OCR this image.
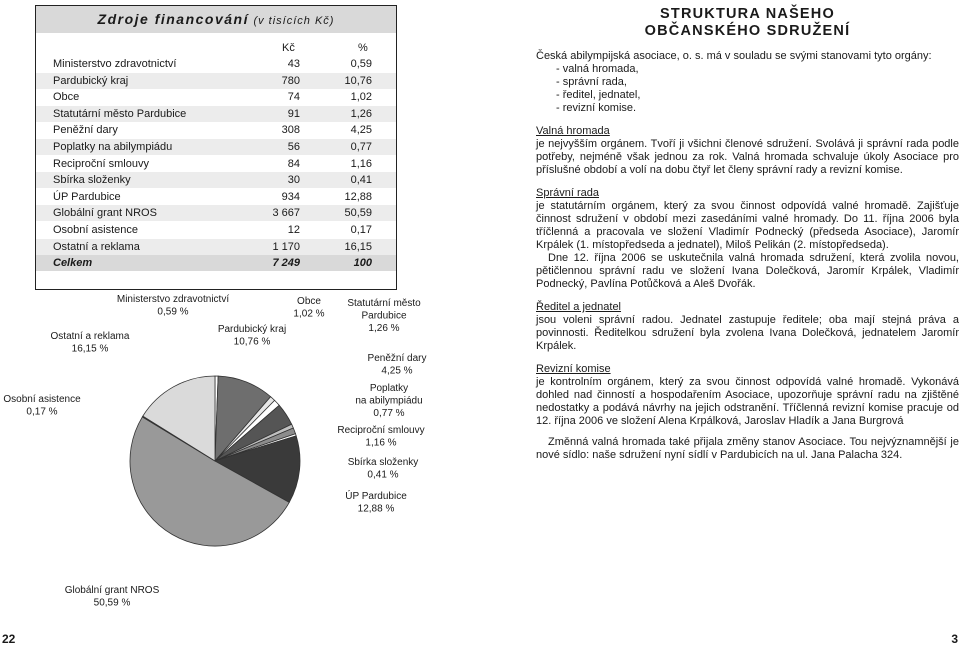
Zdroje financování (v tisících Kč)
Kč	%
Ministerstvo zdravotnictví	43	0,59
Pardubický kraj	780	10,76
Obce	74	1,02
Statutární město Pardubice	91	1,26
Peněžní dary	308	4,25
Poplatky na abilympiádu	56	0,77
Reciproční smlouvy	84	1,16
Sbírka složenky	30	0,41
ÚP Pardubice	934	12,88
Globální grant NROS	3 667	50,59
Osobní asistence	12	0,17
Ostatní a reklama	1 170	16,15
Celkem	7 249	100
Ministerstvo zdravotnictví 0,59 %
Pardubický kraj 10,76 %
Obce 1,02 %
Statutární město Pardubice 1,26 %
Peněžní dary 4,25 %
Poplatky na abilympiádu 0,77 %
Reciproční smlouvy 1,16 %
Sbírka složenky 0,41 %
ÚP Pardubice 12,88 %
Globální grant NROS 50,59 %
Osobní asistence 0,17 %
Ostatní a reklama 16,15 %
STRUKTURA NAŠEHO
OBČANSKÉHO SDRUŽENÍ

Česká abilympijská asociace, o. s. má v souladu se svými stanovami tyto orgány:

- valná hromada,
- správní rada,
- ředitel, jednatel,
- revizní komise.
Valná hromada

je nejvyšším orgánem. Tvoří ji všichni členové sdružení. Svolává ji správní rada podle potřeby, nejméně však jednou za rok. Valná hromada schvaluje úkoly Asociace pro příslušné období a volí na dobu čtyř let členy správní rady a revizní komise.

Správní rada

je statutárním orgánem, který za svou činnost odpovídá valné hromadě. Zajišťuje činnost sdružení v období mezi zasedáními valné hromady. Do 11. října 2006 byla tříčlenná a pracovala ve složení Vladimír Podnecký (předseda Asociace), Jaromír Krpálek (1. místopředseda a jednatel), Miloš Pelikán (2. místopředseda).

Dne 12. října 2006 se uskutečnila valná hromada sdružení, která zvolila novou, pětičlennou správní radu ve složení Ivana Dolečková, Jaromír Krpálek, Vladimír Podnecký, Pavlína Potůčková a Aleš Dvořák.

Ředitel a jednatel

jsou voleni správní radou. Jednatel zastupuje ředitele; oba mají stejná práva a povinnosti. Ředitelkou sdružení byla zvolena Ivana Dolečková, jednatelem Jaromír Krpálek.

Revizní komise

je kontrolním orgánem, který za svou činnost odpovídá valné hromadě. Vykonává dohled nad činností a hospodařením Asociace, upozorňuje správní radu na zjištěné nedostatky a podává návrhy na jejich odstranění. Tříčlenná revizní komise pracuje od 12. října 2006 ve složení Alena Krpálková, Jaroslav Hladík a Jana Burgrová

Změnná valná hromada také přijala změny stanov Asociace. Tou nejvýznamnější je nové sídlo: naše sdružení nyní sídlí v Pardubicích na ul. Jana Palacha 324.

22	3
